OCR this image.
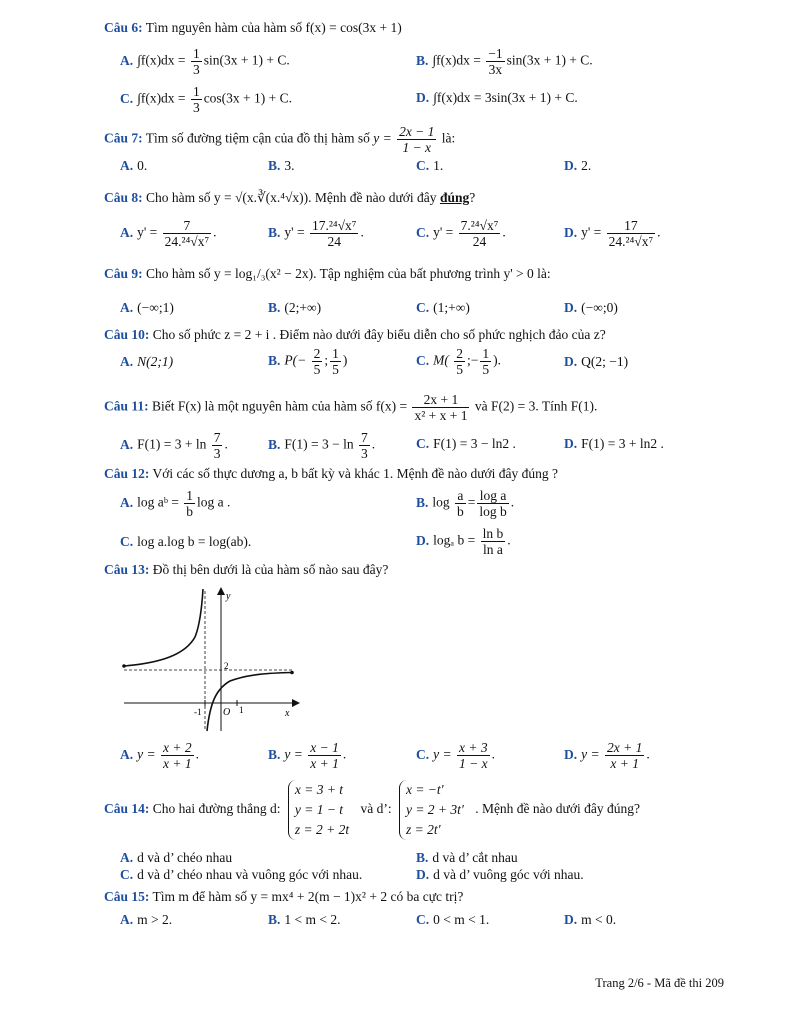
Câu 6: Tìm nguyên hàm của hàm số f(x) = cos(3x + 1)
A. $\int f(x)dx = \frac{1}{3} \sin(3x + 1) + C$.	B. $\int f(x)dx = \frac{-1}{3x} \sin(3x + 1) + C$.
C. $\int f(x)dx = \frac{1}{3} \cos(3x + 1) + C$.	D. ∫f(x)dx = 3sin(3x + 1) + C.
Câu 7: Tìm số đường tiệm cận của đồ thị hàm số $y = \frac{2x - 1}{1 - x}$ là:
A. 0.	B. 3.	C. 1.	D. 2.
Câu 8: Cho hàm số y = √(x.∛(x.⁴√x)). Mệnh đề nào dưới đây đúng?
A. $y' = \frac{7}{\text{24.²⁴√x⁷}}$ .	B. $y' = \frac{\text{17.²⁴√x⁷}}{24}$ .	C. $y' = \frac{\text{7.²⁴√x⁷}}{24}$ .	D. $y' = \frac{17}{\text{24.²⁴√x⁷}}$ .
Câu 9: Cho hàm số y = log₁/₃(x² − 2x). Tập nghiệm của bất phương trình y' > 0 là:
A. (−∞;1)	B. (2;+∞)	C. (1;+∞)	D. (−∞;0)
Câu 10: Cho số phức z = 2 + i . Điểm nào dưới đây biểu diễn cho số phức nghịch đảo của z?
A. N(2;1)	B. $P(- \frac{2}{5}$ ; $\frac{1}{5}$ )	C. $M( \frac{2}{5}$ ;− $\frac{1}{5}$ ).	D. Q(2; −1)
Câu 11: Biết F(x) là một nguyên hàm của hàm số $f(x) = \frac{2x + 1}{\text{x² + x + 1}}$ và F(2) = 3. Tính F(1).
A. $F(1) = 3 + \ln \frac{7}{3}$ .	B. $F(1) = 3 - \ln \frac{7}{3}$ .	C. F(1) = 3 − ln2 .	D. F(1) = 3 + ln2 .
Câu 12: Với các số thực dương a, b bất kỳ và khác 1. Mệnh đề nào dưới đây đúng ?
A. log aᵇ = $\frac{1}{b}$ log a .	B. $\log \frac{a}{b} = \frac{\text{log a}}{\text{log b}}$ .
C. log a.log b = log(ab).	D. logₐ $b = \frac{\text{ln b}}{\text{ln a}}$ .
Câu 13: Đồ thị bên dưới là của hàm số nào sau đây?
y
x
O
2
-1	1
A. $y = \frac{x + 2}{x + 1}$ .	B. $y = \frac{x - 1}{x + 1}$ .	C. $y = \frac{x + 3}{1 - x}$ .	D. $y = \frac{2x + 1}{x + 1}$ .
Câu 14: Cho hai đường thẳng d:
x = 3 + t
y = 1 − t
z = 2 + 2t
và d’:
x = −t'
y = 2 + 3t'
z = 2t'
. Mệnh đề nào dưới đây đúng?
A. d và d’ chéo nhau	B. d và d’ cắt nhau
C. d và d’ chéo nhau và vuông góc với nhau.	D. d và d’ vuông góc với nhau.
Câu 15: Tìm m để hàm số y = mx⁴ + 2(m − 1)x² + 2 có ba cực trị?
A. m > 2.	B. 1 < m < 2.	C. 0 < m < 1.	D. m < 0.
Trang 2/6 - Mã đề thi 209
